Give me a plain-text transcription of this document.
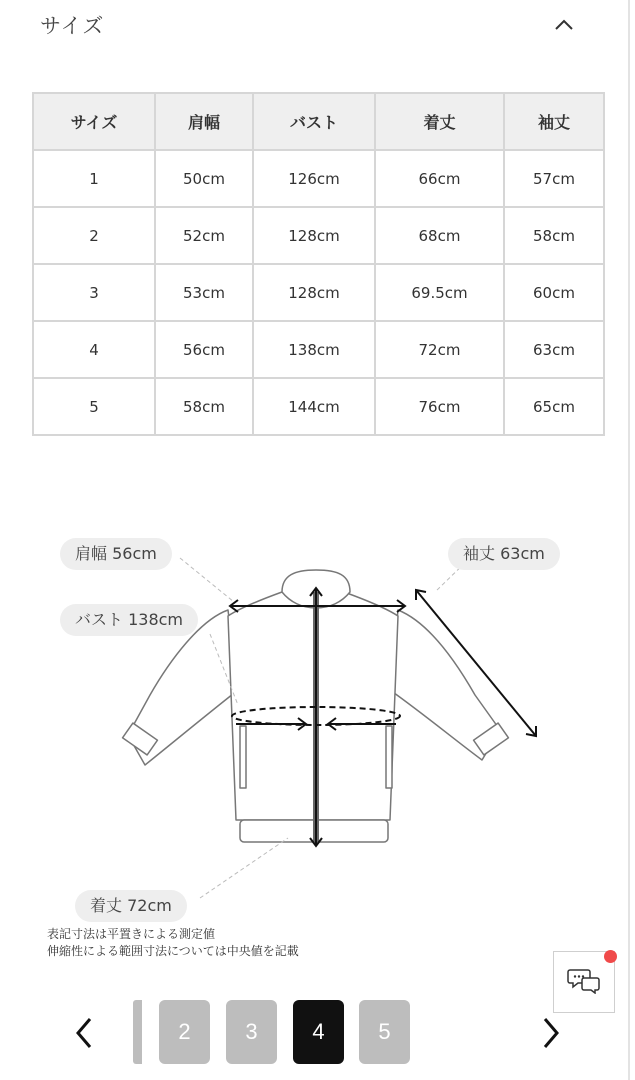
サイズ
サイズ	肩幅	バスト	着丈	袖丈
1	50cm	126cm	66cm	57cm
2	52cm	128cm	68cm	58cm
3	53cm	128cm	69.5cm	60cm
4	56cm	138cm	72cm	63cm
5	58cm	144cm	76cm	65cm
肩幅 56cm
バスト 138cm
袖丈 63cm
着丈 72cm
表記寸法は平置きによる測定値
伸縮性による範囲寸法については中央値を記載
2	3	4	5
